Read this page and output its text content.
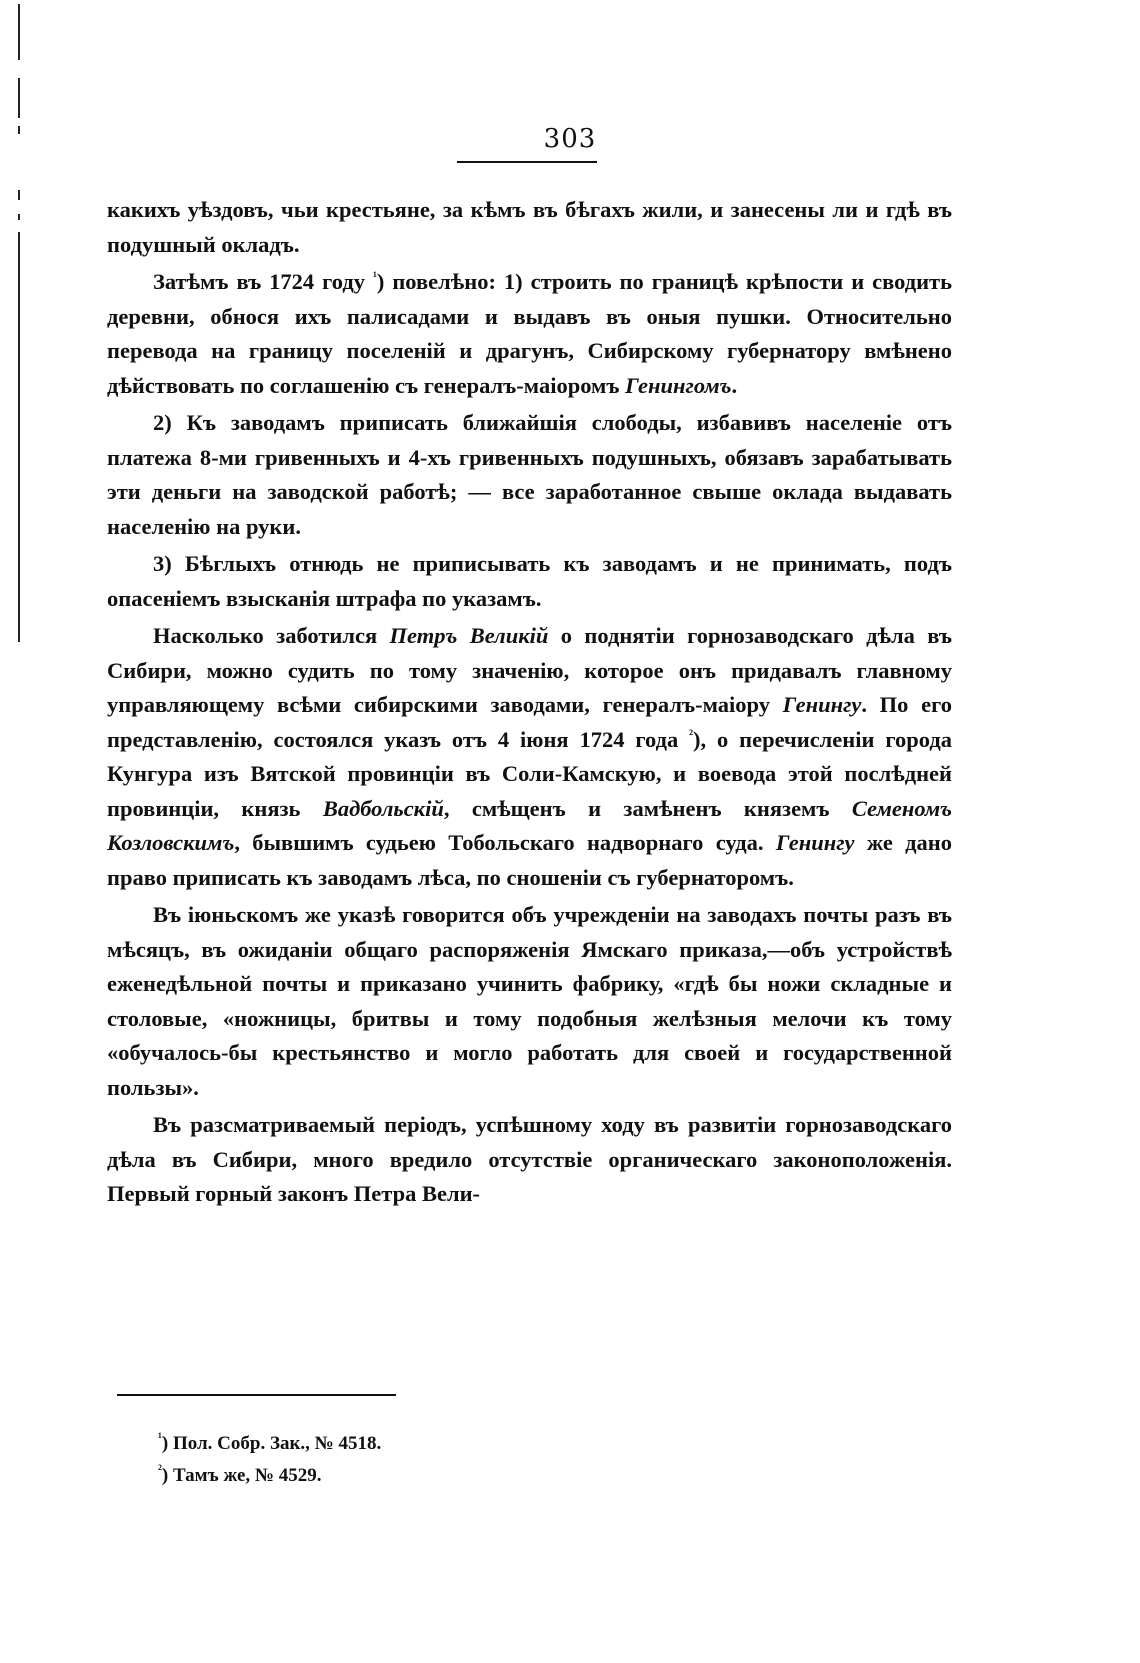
303

какихъ уѣздовъ, чьи крестьяне, за кѣмъ въ бѣгахъ жили, и занесены ли и гдѣ въ подушный окладъ.

Затѣмъ въ 1724 году $^{^1}$) повелѣно: 1) строить по границѣ крѣпости и сводить деревни, обнося ихъ палисадами и выдавъ въ оныя пушки. Относительно перевода на границу поселеній и драгунъ, Сибирскому губернатору вмѣнено дѣйствовать по соглашенію съ генералъ-маіоромъ Генингомъ.

2) Къ заводамъ приписать ближайшія слободы, избавивъ населеніе отъ платежа 8-ми гривенныхъ и 4-хъ гривенныхъ подушныхъ, обязавъ зарабатывать эти деньги на заводской работѣ; — все заработанное свыше оклада выдавать населенію на руки.

3) Бѣглыхъ отнюдь не приписывать къ заводамъ и не принимать, подъ опасеніемъ взысканія штрафа по указамъ.

Насколько заботился Петръ Великій о поднятіи горнозаводскаго дѣла въ Сибири, можно судить по тому значенію, которое онъ придавалъ главному управляющему всѣми сибирскими заводами, генералъ-маіору Генингу. По его представленію, состоялся указъ отъ 4 іюня 1724 года $^{^2}$), о перечисленіи города Кунгура изъ Вятской провинціи въ Соли-Камскую, и воевода этой послѣдней провинціи, князь Вадбольскій, смѣщенъ и замѣненъ княземъ Семеномъ Козловскимъ, бывшимъ судьею Тобольскаго надворнаго суда. Генингу же дано право приписать къ заводамъ лѣса, по сношеніи съ губернаторомъ.

Въ іюньскомъ же указѣ говорится объ учрежденіи на заводахъ почты разъ въ мѣсяцъ, въ ожиданіи общаго распоряженія Ямскаго приказа,—объ устройствѣ еженедѣльной почты и приказано учинить фабрику, «гдѣ бы ножи складные и столовые, «ножницы, бритвы и тому подобныя желѣзныя мелочи къ тому «обучалось-бы крестьянство и могло работать для своей и государственной пользы».

Въ разсматриваемый періодъ, успѣшному ходу въ развитіи горнозаводскаго дѣла въ Сибири, много вредило отсутствіе органическаго законоположенія. Первый горный законъ Петра Вели-

$^{^1}$) Пол. Собр. Зак., № 4518.
$^{^2}$) Тамъ же, № 4529.
